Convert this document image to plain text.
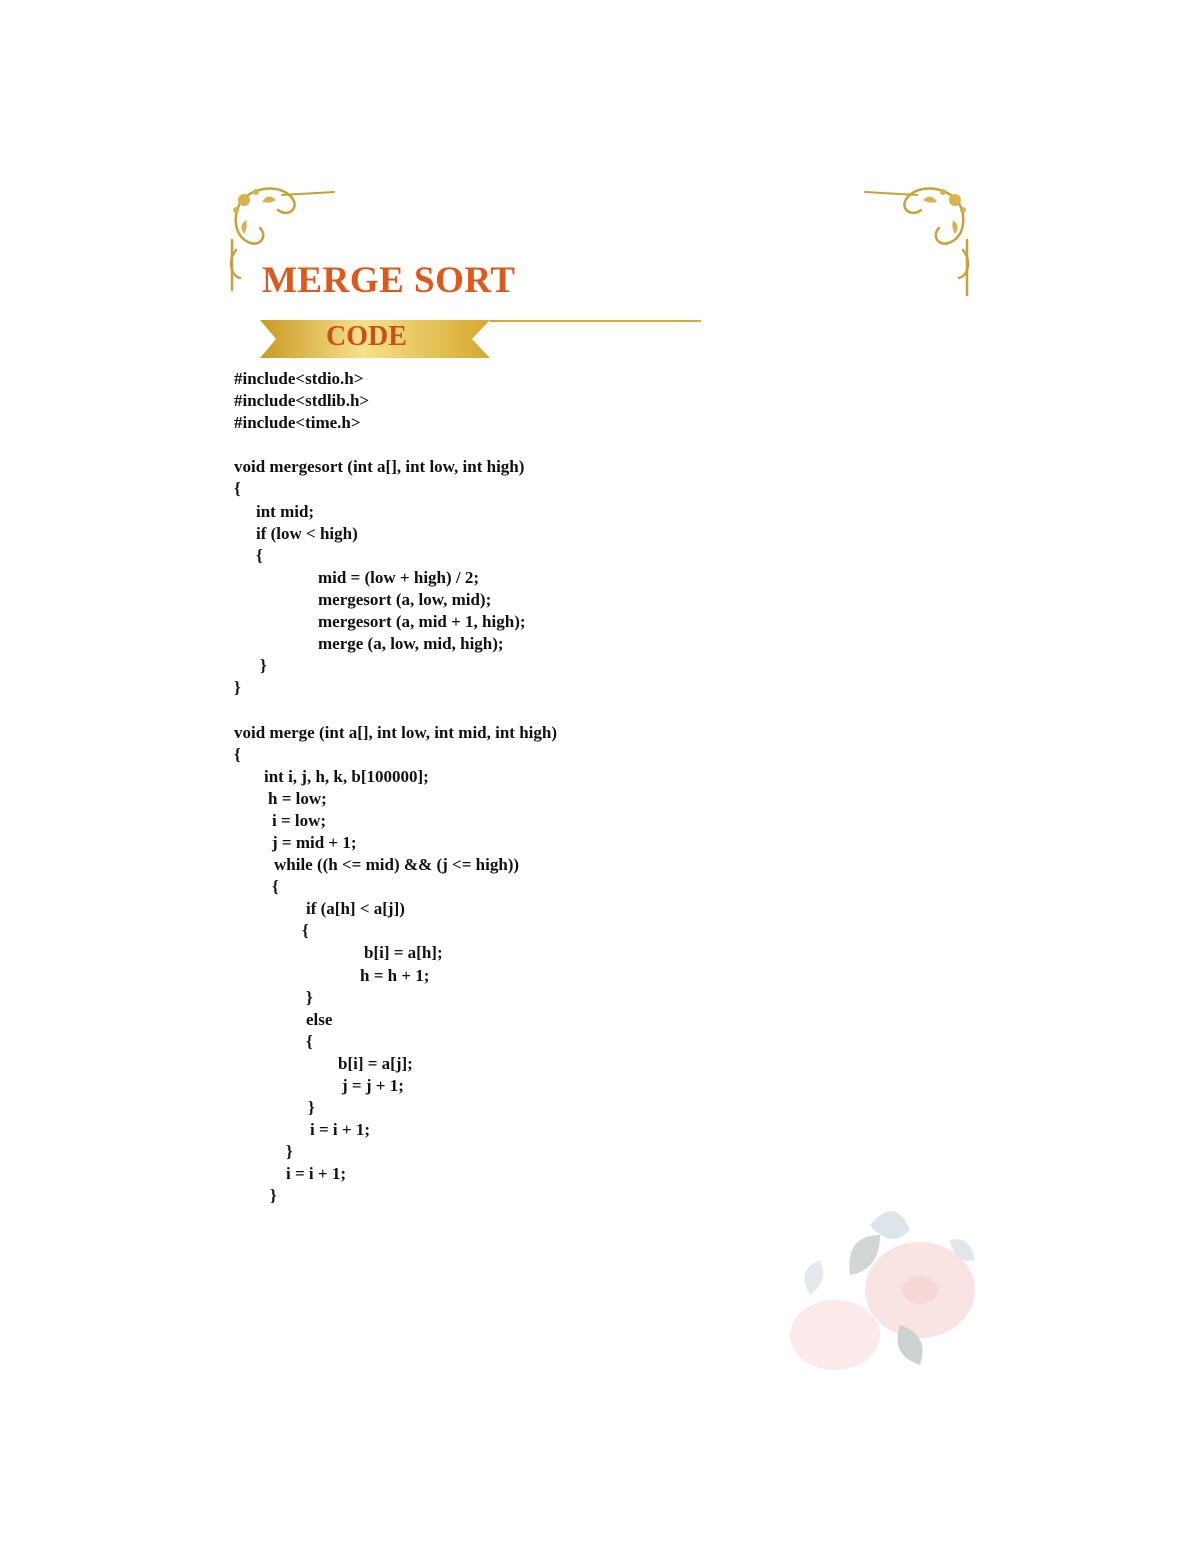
MERGE SORT
CODE
#include<stdio.h>
#include<stdlib.h>
#include<time.h>
void mergesort (int a[], int low, int high)
{
int mid;
if (low < high)
{
mid = (low + high) / 2;
mergesort (a, low, mid);
mergesort (a, mid + 1, high);
merge (a, low, mid, high);
}
}
void merge (int a[], int low, int mid, int high)
{
int i, j, h, k, b[100000];
h = low;
i = low;
j = mid + 1;
while ((h <= mid) && (j <= high))
{
if (a[h] < a[j])
{
b[i] = a[h];
h = h + 1;
}
else
{
b[i] = a[j];
j = j + 1;
}
i = i + 1;
}
i = i + 1;
}
